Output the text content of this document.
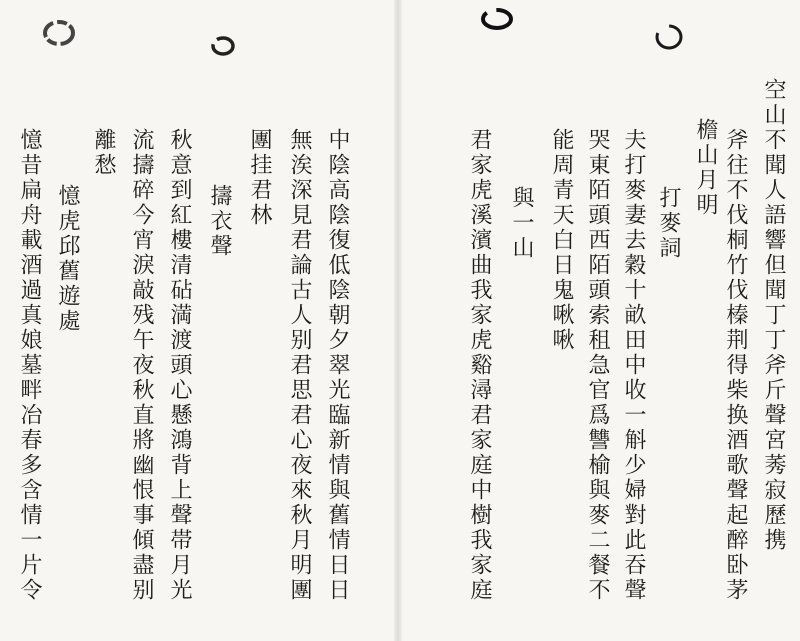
空山不聞人語響但聞丁丁斧斤聲宮莠寂歷携
斧往不伐桐竹伐榛荆得柴换酒歌聲起醉卧茅
檐山月明
打麥詞
夫打麥妻去穀十畝田中收一斛少婦對此吞聲
哭東陌頭西陌頭索租急官爲讐榆與麥二餐不
能周青天白日鬼啾啾
與一山
君家虎溪濱曲我家虎谿潯君家庭中樹我家庭
中陰高陰復低陰朝夕翠光臨新情與舊情日日
無涘深見君論古人别君思君心夜來秋月明團
團挂君林
擣衣聲
秋意到紅樓清砧満渡頭心懸鴻背上聲帯月光
流擣碎今宵淚敲残午夜秋直將幽恨事傾盡别
離愁
憶虎邱舊遊處
憶昔扁舟載酒過真娘墓畔冶春多含情一片令
